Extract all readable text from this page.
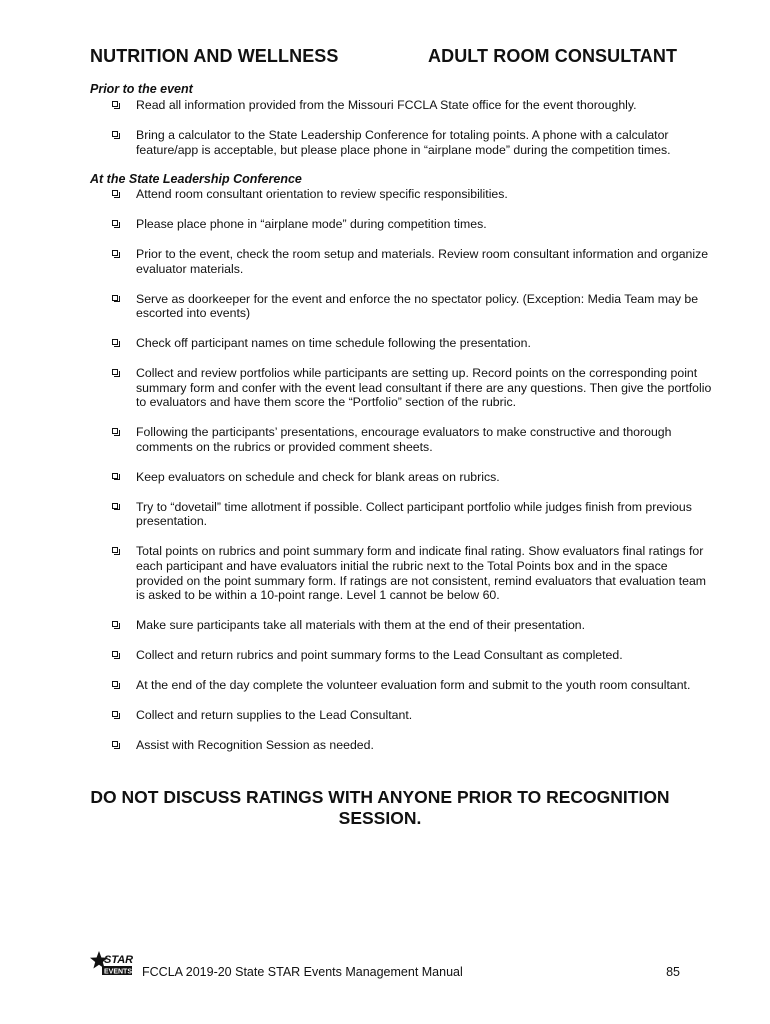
NUTRITION AND WELLNESS	ADULT ROOM CONSULTANT
Prior to the event
Read all information provided from the Missouri FCCLA State office for the event thoroughly.
Bring a calculator to the State Leadership Conference for totaling points. A phone with a calculator feature/app is acceptable, but please place phone in “airplane mode” during the competition times.
At the State Leadership Conference
Attend room consultant orientation to review specific responsibilities.
Please place phone in “airplane mode” during competition times.
Prior to the event, check the room setup and materials. Review room consultant information and organize evaluator materials.
Serve as doorkeeper for the event and enforce the no spectator policy. (Exception: Media Team may be escorted into events)
Check off participant names on time schedule following the presentation.
Collect and review portfolios while participants are setting up. Record points on the corresponding point summary form and confer with the event lead consultant if there are any questions. Then give the portfolio to evaluators and have them score the “Portfolio” section of the rubric.
Following the participants’ presentations, encourage evaluators to make constructive and thorough comments on the rubrics or provided comment sheets.
Keep evaluators on schedule and check for blank areas on rubrics.
Try to “dovetail” time allotment if possible. Collect participant portfolio while judges finish from previous presentation.
Total points on rubrics and point summary form and indicate final rating. Show evaluators final ratings for each participant and have evaluators initial the rubric next to the Total Points box and in the space provided on the point summary form. If ratings are not consistent, remind evaluators that evaluation team is asked to be within a 10-point range. Level 1 cannot be below 60.
Make sure participants take all materials with them at the end of their presentation.
Collect and return rubrics and point summary forms to the Lead Consultant as completed.
At the end of the day complete the volunteer evaluation form and submit to the youth room consultant.
Collect and return supplies to the Lead Consultant.
Assist with Recognition Session as needed.
DO NOT DISCUSS RATINGS WITH ANYONE PRIOR TO RECOGNITION SESSION.
STAR
EVENTS FCCLA 2019-20 State STAR Events Management Manual	85
